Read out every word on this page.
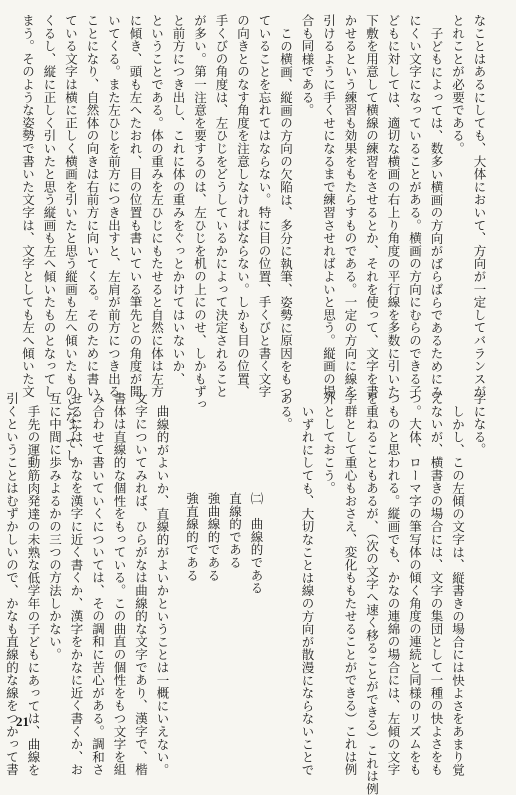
なことはあるにしても、大体において、方向が一定してバランスが
とれことが必要である。
子どもによっては、数多い横画の方向がばらばらであるためにみ
にくい文字になっていることがある。横画の方向にむらのできる子
どもに対しては、適切な横画の右上り角度の平行線を多数に引いた
下敷を用意して横線の練習をさせるとか、それを使って、文字を書
かせるという練習も効果をもたらすものである。一定の方向に線を
引けるように手くせになるまで練習させればよいと思う。縦画の場
合も同様である。
この横画、縦画の方向の欠陥は、多分に執筆、姿勢に原因をもつ
ていることを忘れてはならない。特に目の位置、手くびと書く文字
の向きとのなす角度を注意しなければならない。しかも目の位置、
手くびの角度は、左ひじをどうしているかによって決定されること
が多い。第一注意を要するのは、左ひじを机の上にのせ、しかもずっ
と前方につき出し、これに体の重みをぐっとかけてはいないか、
ということである。体の重みを左ひじにもたせると自然に体は左方
に傾き、頭も左へたおれ、目の位置も書いている筆先との角度が開
いてくる。また左ひじを前方につき出すと、左肩が前方につき出る
ことになり、自然体の向きは右前方に向いてくる。そのために書い
ている文字は横に正しく横画を引いたと思う縦画も左へ傾いたものとなってし
くるし、縦に正しく引いたと思う縦画も左へ傾いたものとなってし
まう。そのような姿勢で書いた文字は、文字としても左へ傾いた文
字になる。
しかし、この左傾の文字は、縦書きの場合には快よさをあまり覚
えないが、横書きの場合には、文字の集団として一種の快よさをも
つ。大体、ローマ字の筆写体の傾く角度の連続と同様のリズムをも
つものと思われる。縦画でも、かなの連綿の場合には、左傾の文字
を重ねることもあるが、（次の文字へ速く移ることができる）これは例
字群として重心もおさえ、変化ももたせることができる）これは例
外としておこう。
いずれにしても、大切なことは線の方向が散漫にならないことで
ある。
㈡　曲線的である
直線的である
強曲線的である
強直線的である
曲線的がよいか、直線的がよいかということは一概にいえない。
文字についてみれば、ひらがなは曲線的な文字であり、漢字で、楷
書体は直線的な個性をもっている。この曲直の個性をもつ文字を組
み合わせて書いていくについては、その調和に苦心がある。調和さ
せるには、かなを漢字に近く書くか、漢字をかなに近く書くか、お
互に中間に歩みよるかの三つの方法しかない。
手先の運動筋肉発達の未熟な低学年の子どもにあっては、曲線を
引くということはむずかしいので、かなも直線的な線をつかって書
21
